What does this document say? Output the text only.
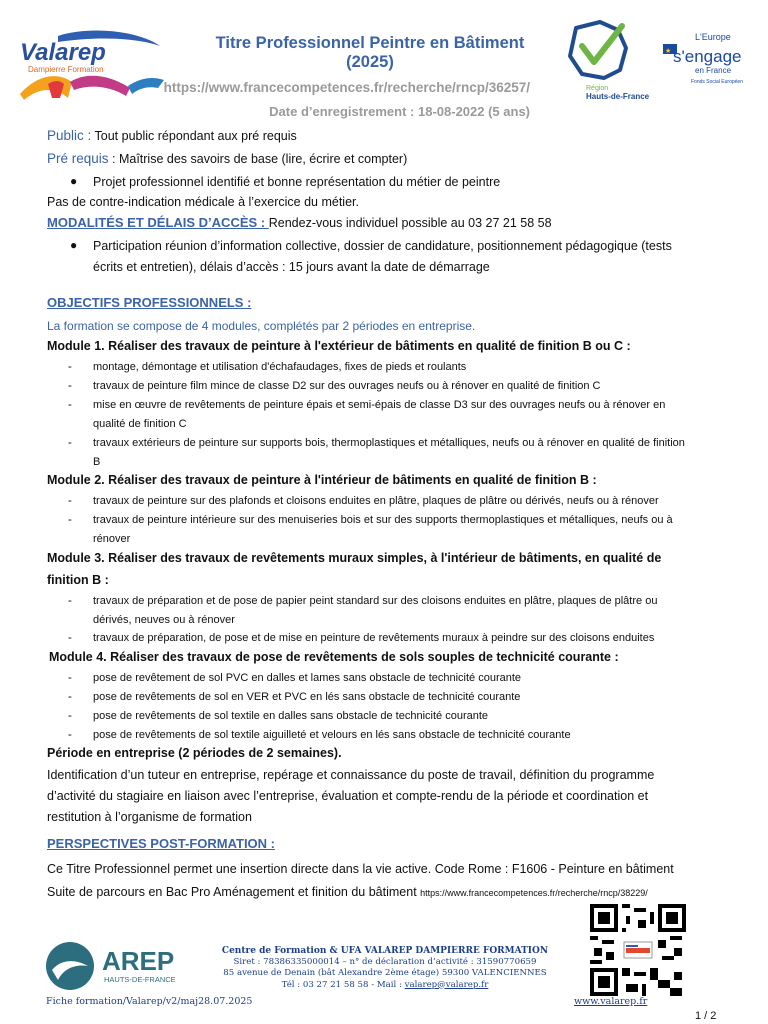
Valarep
Dampierre Formation
Titre Professionnel Peintre en Bâtiment
(2025)
https://www.francecompetences.fr/recherche/rncp/36257/
Date d’enregistrement : 18-08-2022 (5 ans)
Région
Hauts-de-France
L'Europe
★ s'engage
en France
Fonds Social Européen
Public : Tout public répondant aux pré requis
Pré requis : Maîtrise des savoirs de base (lire, écrire et compter)
● Projet professionnel identifié et bonne représentation du métier de peintre
Pas de contre-indication médicale à l’exercice du métier.
MODALITÉS ET DÉLAIS D’ACCÈS : Rendez-vous individuel possible au 03 27 21 58 58
● Participation réunion d’information collective, dossier de candidature, positionnement pédagogique (tests
écrits et entretien), délais d’accès : 15 jours avant la date de démarrage
OBJECTIFS PROFESSIONNELS :
La formation se compose de 4 modules, complétés par 2 périodes en entreprise.
Module 1. Réaliser des travaux de peinture à l'extérieur de bâtiments en qualité de finition B ou C :
- montage, démontage et utilisation d'échafaudages, fixes de pieds et roulants
- travaux de peinture film mince de classe D2 sur des ouvrages neufs ou à rénover en qualité de finition C
- mise en œuvre de revêtements de peinture épais et semi-épais de classe D3 sur des ouvrages neufs ou à rénover en
qualité de finition C
- travaux extérieurs de peinture sur supports bois, thermoplastiques et métalliques, neufs ou à rénover en qualité de finition
B
Module 2. Réaliser des travaux de peinture à l'intérieur de bâtiments en qualité de finition B :
- travaux de peinture sur des plafonds et cloisons enduites en plâtre, plaques de plâtre ou dérivés, neufs ou à rénover
- travaux de peinture intérieure sur des menuiseries bois et sur des supports thermoplastiques et métalliques, neufs ou à
rénover
Module 3. Réaliser des travaux de revêtements muraux simples, à l'intérieur de bâtiments, en qualité de
finition B :
- travaux de préparation et de pose de papier peint standard sur des cloisons enduites en plâtre, plaques de plâtre ou
dérivés, neuves ou à rénover
- travaux de préparation, de pose et de mise en peinture de revêtements muraux à peindre sur des cloisons enduites
Module 4. Réaliser des travaux de pose de revêtements de sols souples de technicité courante :
- pose de revêtement de sol PVC en dalles et lames sans obstacle de technicité courante
- pose de revêtements de sol en VER et PVC en lés sans obstacle de technicité courante
- pose de revêtements de sol textile en dalles sans obstacle de technicité courante
- pose de revêtements de sol textile aiguilleté et velours en lés sans obstacle de technicité courante
Période en entreprise (2 périodes de 2 semaines).
Identification d’un tuteur en entreprise, repérage et connaissance du poste de travail, définition du programme
d’activité du stagiaire en liaison avec l’entreprise, évaluation et compte-rendu de la période et coordination et
restitution à l’organisme de formation
PERSPECTIVES POST-FORMATION :
Ce Titre Professionnel permet une insertion directe dans la vie active. Code Rome : F1606 - Peinture en bâtiment
Suite de parcours en Bac Pro Aménagement et finition du bâtiment https://www.francecompetences.fr/recherche/rncp/38229/
AREP
HAUTS-DE-FRANCE
Centre de Formation & UFA VALAREP DAMPIERRE FORMATION
Siret : 78386335000014 – n° de déclaration d’activité : 31590770659
85 avenue de Denain (bât Alexandre 2ème étage) 59300 VALENCIENNES
Tél : 03 27 21 58 58 - Mail : valarep@valarep.fr
Fiche formation/Valarep/v2/maj28.07.2025	www.valarep.fr
1 / 2
